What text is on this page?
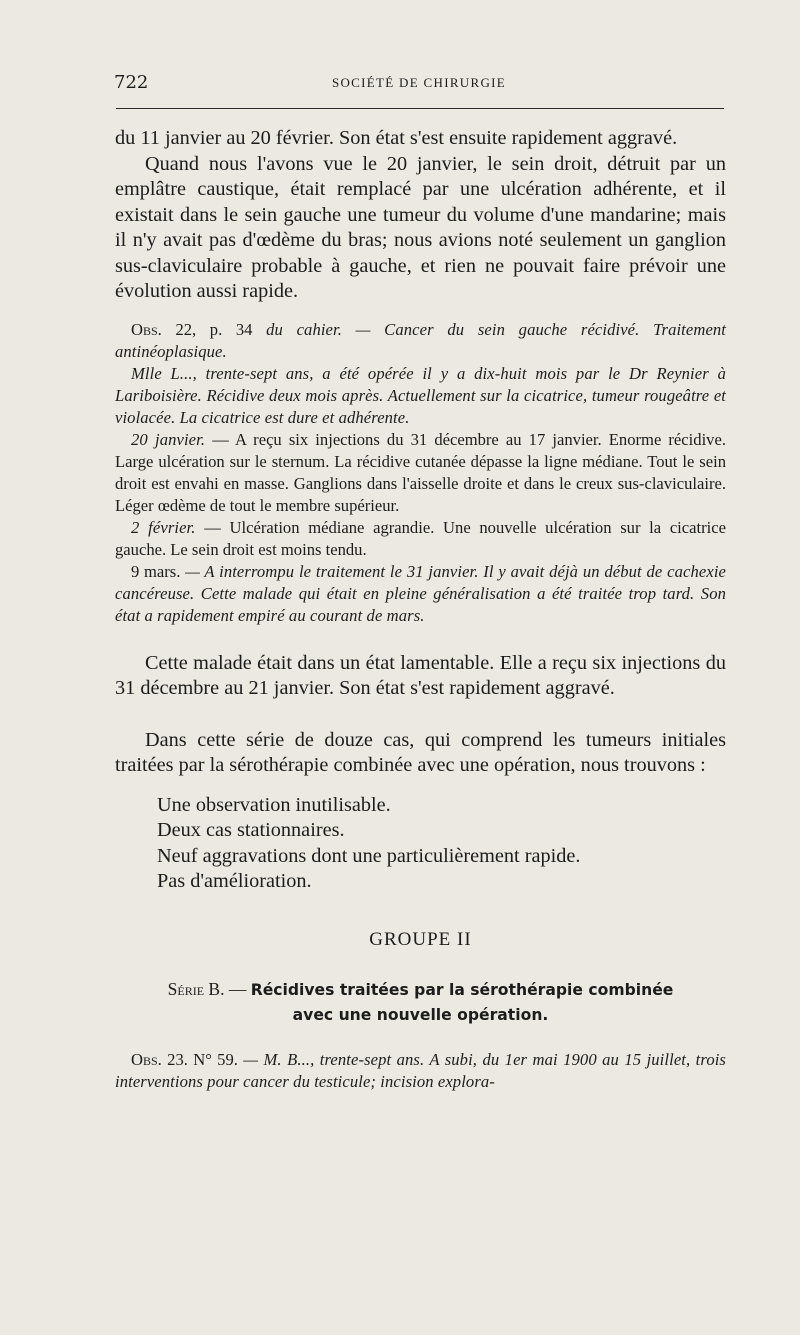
722	SOCIÉTÉ DE CHIRURGIE

du 11 janvier au 20 février. Son état s'est ensuite rapidement aggravé.

Quand nous l'avons vue le 20 janvier, le sein droit, détruit par un emplâtre caustique, était remplacé par une ulcération adhérente, et il existait dans le sein gauche une tumeur du volume d'une mandarine; mais il n'y avait pas d'œdème du bras; nous avions noté seulement un ganglion sus-claviculaire probable à gauche, et rien ne pouvait faire prévoir une évolution aussi rapide.

Obs. 22, p. 34 du cahier. — Cancer du sein gauche récidivé. Traitement antinéoplasique.

Mlle L..., trente-sept ans, a été opérée il y a dix-huit mois par le Dr Reynier à Lariboisière. Récidive deux mois après. Actuellement sur la cicatrice, tumeur rougeâtre et violacée. La cicatrice est dure et adhérente.

20 janvier. — A reçu six injections du 31 décembre au 17 janvier. Enorme récidive. Large ulcération sur le sternum. La récidive cutanée dépasse la ligne médiane. Tout le sein droit est envahi en masse. Ganglions dans l'aisselle droite et dans le creux sus-claviculaire. Léger œdème de tout le membre supérieur.

2 février. — Ulcération médiane agrandie. Une nouvelle ulcération sur la cicatrice gauche. Le sein droit est moins tendu.

9 mars. — A interrompu le traitement le 31 janvier. Il y avait déjà un début de cachexie cancéreuse. Cette malade qui était en pleine généralisation a été traitée trop tard. Son état a rapidement empiré au courant de mars.

Cette malade était dans un état lamentable. Elle a reçu six injections du 31 décembre au 21 janvier. Son état s'est rapidement aggravé.

Dans cette série de douze cas, qui comprend les tumeurs initiales traitées par la sérothérapie combinée avec une opération, nous trouvons :

Une observation inutilisable.
Deux cas stationnaires.
Neuf aggravations dont une particulièrement rapide.
Pas d'amélioration.

GROUPE II

Série B. — Récidives traitées par la sérothérapie combinée
avec une nouvelle opération.

Obs. 23. N° 59. — M. B..., trente-sept ans. A subi, du 1er mai 1900 au 15 juillet, trois interventions pour cancer du testicule; incision explora-
